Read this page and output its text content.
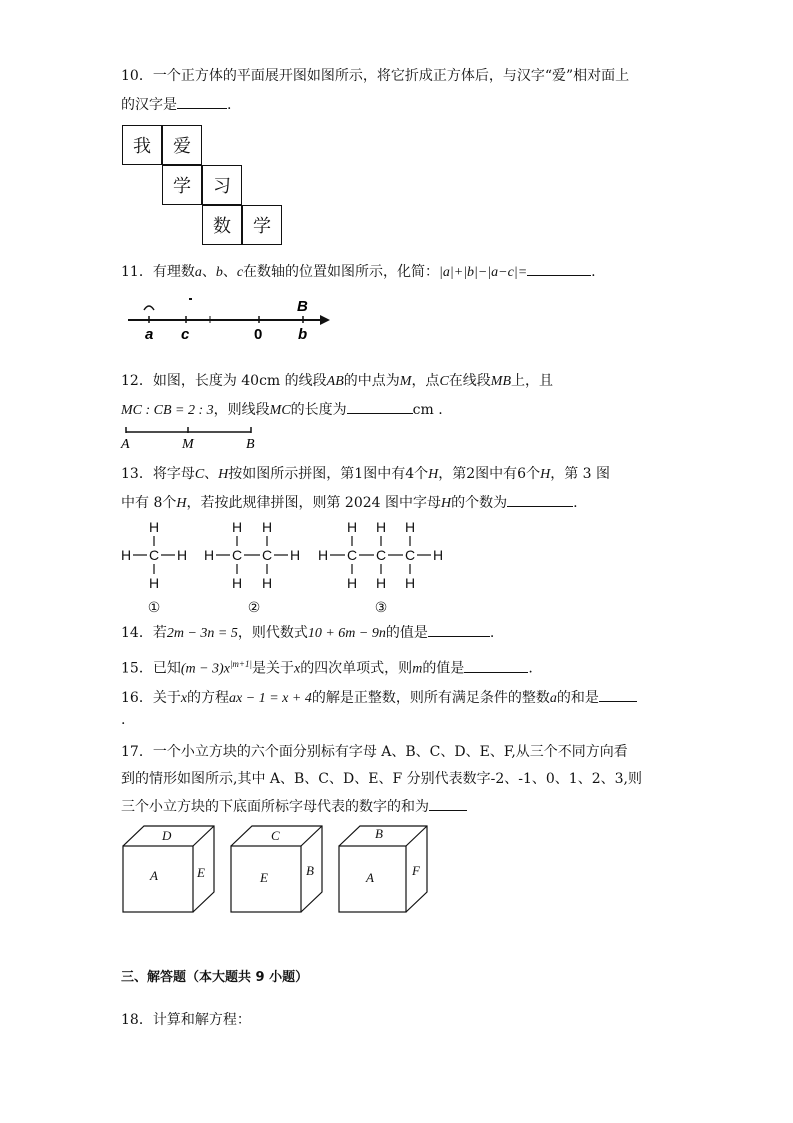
10．一个正方体的平面展开图如图所示，将它折成正方体后，与汉字“爱”相对面上
的汉字是	.
我	爱
学	习
数	学
11．有理数a、b、c在数轴的位置如图所示，化简：|a|+|b|−|a−c|=	.
a c	0 b
B
12．如图，长度为 40cm 的线段AB的中点为M，点C在线段MB上，且
MC : CB = 2 : 3，则线段MC的长度为	cm .
A	M	B
13．将字母C、H按如图所示拼图，第1图中有4个H，第2图中有6个H，第 3 图
中有 8个H，若按此规律拼图，则第 2024 图中字母H的个数为	.
H
H C H
H
H H
H C C H
H H
H H H
H C C C H
H H H
①	②	③
14．若2m − 3n = 5，则代数式10 + 6m − 9n的值是	.
15．已知$(m - 3)x^{|m+1|}$是关于x的四次单项式，则m的值是	.
16．关于x的方程ax − 1 = x + 4的解是正整数，则所有满足条件的整数a的和是
.
17．一个小立方块的六个面分别标有字母 A、B、C、D、E、F,从三个不同方向看
到的情形如图所示,其中 A、B、C、D、E、F 分别代表数字-2、-1、0、1、2、3,则
三个小立方块的下底面所标字母代表的数字的和为
D
A	E
C
E	B
B
A	F
三、解答题（本大题共 9 小题）
18．计算和解方程：
